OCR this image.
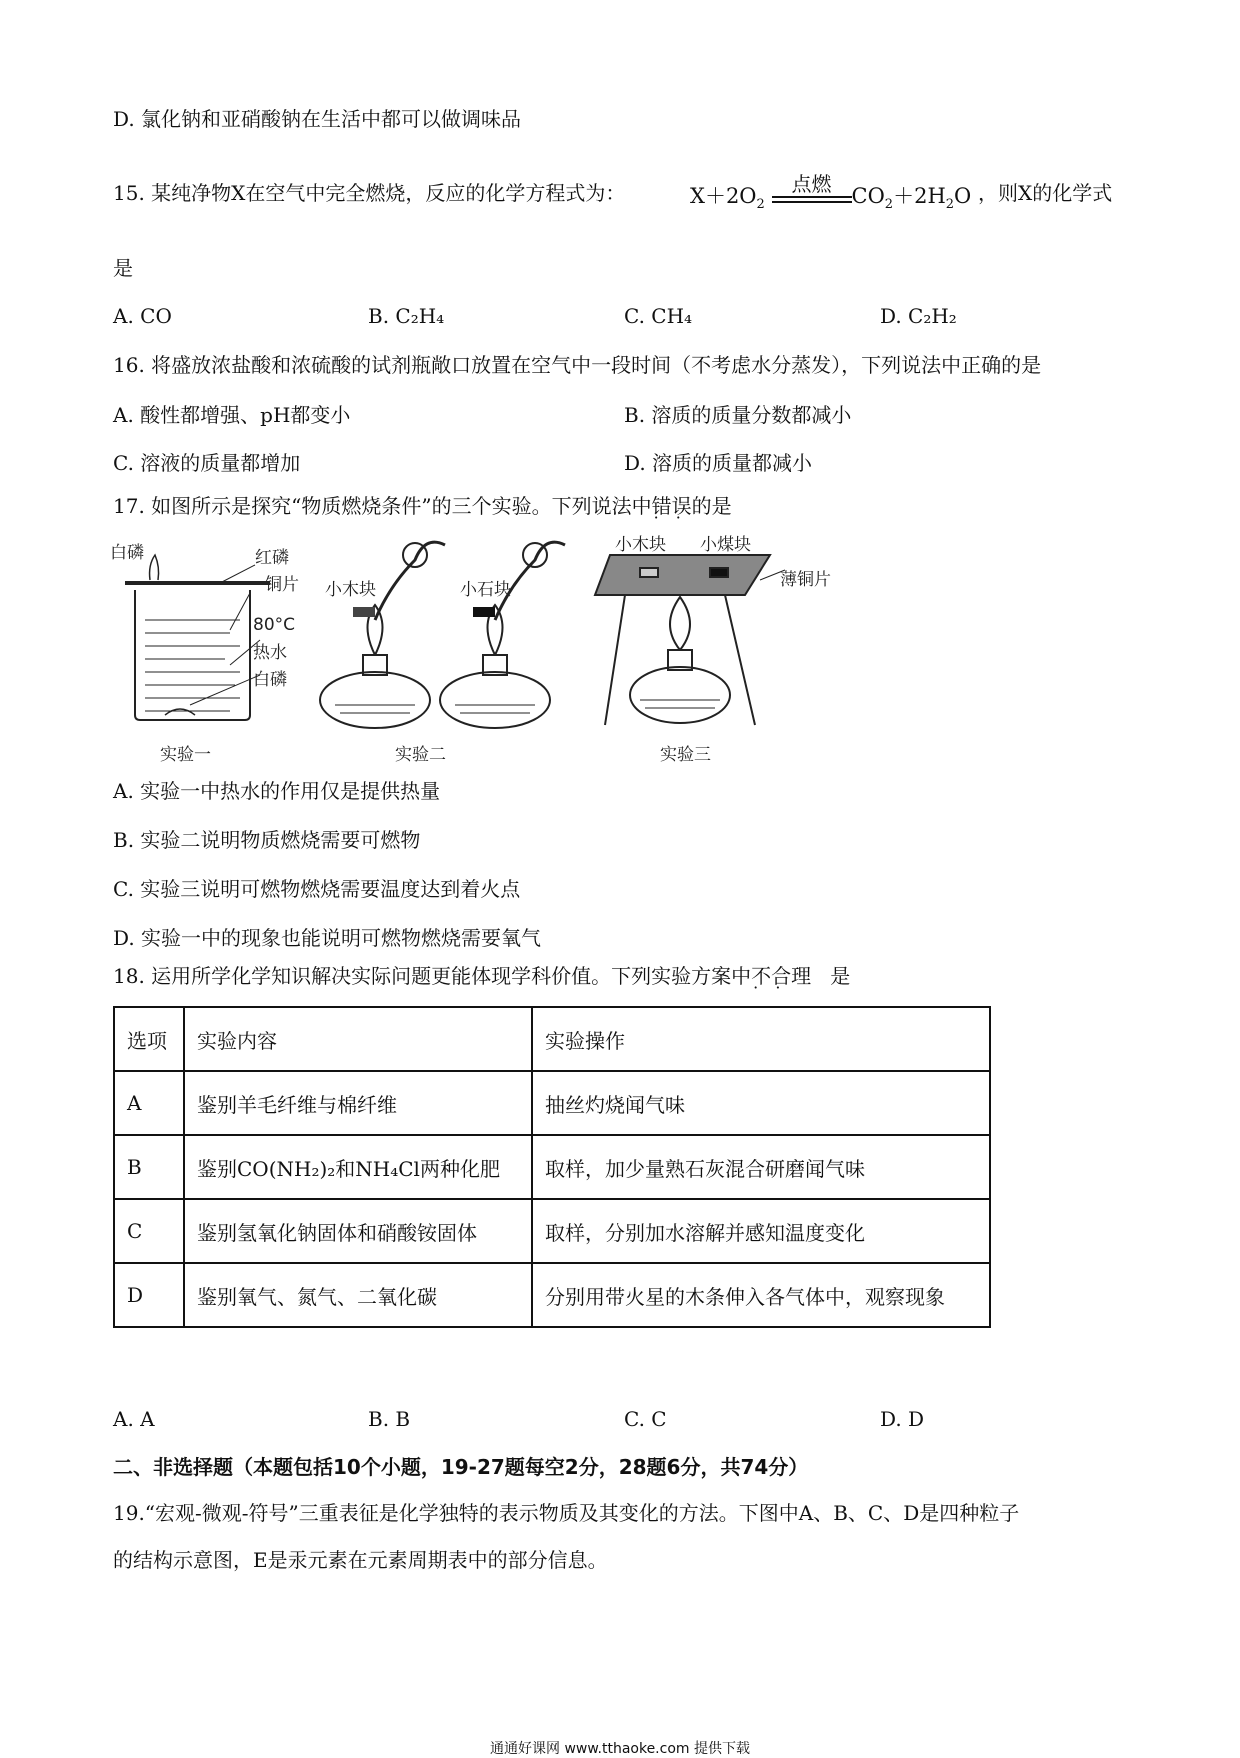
D. 氯化钠和亚硝酸钠在生活中都可以做调味品
15. 某纯净物X在空气中完全燃烧，反应的化学方程式为：	$X+2O_2$
点燃 $CO_2+2H_2O$ ，则X的化学式
是
A. CO	B. C₂H₄	C. CH₄	D. C₂H₂
16. 将盛放浓盐酸和浓硫酸的试剂瓶敞口放置在空气中一段时间（不考虑水分蒸发），下列说法中正确的是
A. 酸性都增强、pH都变小	B. 溶质的质量分数都减小
C. 溶液的质量都增加	D. 溶质的质量都减小
17. 如图所示是探究“物质燃烧条件”的三个实验。下列说法中错误 · ·的是
白磷	红磷
铜片
80°C
热水
白磷
小木块	小石块
小木块 小煤块
薄铜片
实验一	实验二	实验三
A. 实验一中热水的作用仅是提供热量
B. 实验二说明物质燃烧需要可燃物
C. 实验三说明可燃物燃烧需要温度达到着火点
D. 实验一中的现象也能说明可燃物燃烧需要氧气
18. 运用所学化学知识解决实际问题更能体现学科价值。下列实验方案中不合理 · · 是
选项	实验内容	实验操作
A	鉴别羊毛纤维与棉纤维	抽丝灼烧闻气味
B	鉴别CO(NH₂)₂和NH₄Cl两种化肥	取样，加少量熟石灰混合研磨闻气味
C	鉴别氢氧化钠固体和硝酸铵固体	取样，分别加水溶解并感知温度变化
D	鉴别氧气、氮气、二氧化碳	分别用带火星的木条伸入各气体中，观察现象
A. A	B. B	C. C	D. D
二、非选择题（本题包括10个小题，19-27题每空2分，28题6分，共74分）
19.“宏观-微观-符号”三重表征是化学独特的表示物质及其变化的方法。下图中A、B、C、D是四种粒子
的结构示意图，E是汞元素在元素周期表中的部分信息。
通通好课网 www.tthaoke.com 提供下载
